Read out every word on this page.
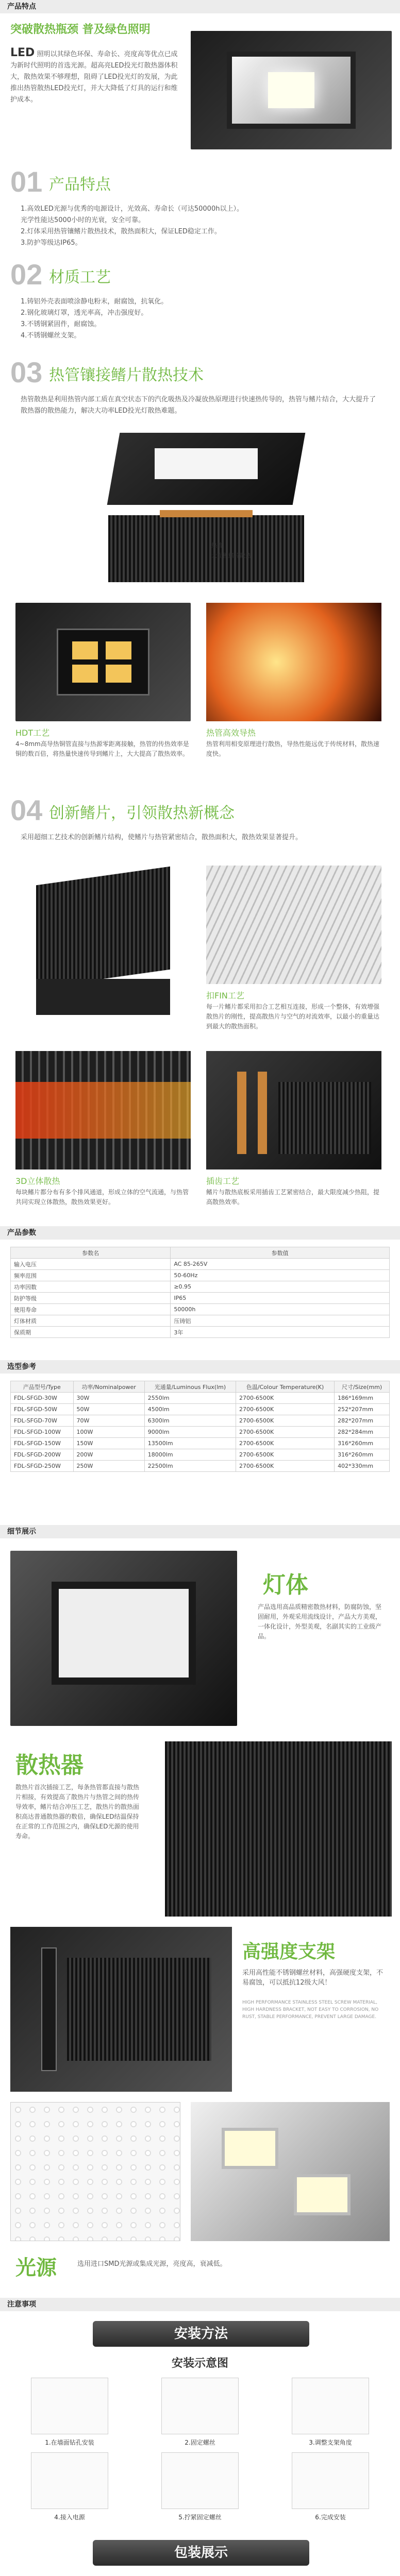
产品特点
突破散热瓶颈 普及绿色照明
LED 照明以其绿色环保、寿命长、亮度高等优点已成为新时代照明的首选光源。超高亮LED投光灯散热器体积大，散热效果不够理想，阻碍了LED投光灯的发展，为此推出热管散热LED投光灯，并大大降低了灯具的运行和维护成本。
01 产品特点
1.高效LED光源与优秀的电源设计，光效高、寿命长（可达50000h以上）。
光学性能达5000小时的光衰，安全可靠。
2.灯体采用热管镶鳍片散热技术，散热面积大，保证LED稳定工作。
3.防护等级达IP65。
02 材质工艺
1.铸铝外壳表面喷涂静电粉末，耐腐蚀，抗氧化。
2.钢化玻璃灯罩，透光率高，冲击强度好。
3.不锈钢紧固件，耐腐蚀。
4.不锈钢螺丝支架。
03 热管镶接鳍片散热技术
热管散热是利用热管内部工质在真空状态下的汽化吸热及冷凝放热原理进行快速热传导的，热管与鳍片结合，大大提升了散热器的散热能力，解决大功率LED投光灯散热难题。
热管
大面积鳍片散热
HDT工艺
4~8mm高导热铜管直接与热源零距离接触，热管的传热效率是铜的数百倍，将热量快速传导到鳍片上，大大提高了散热效率。
热管高效导热
热管利用相变原理进行散热，导热性能远优于传统材料，散热速度快。
04 创新鳍片，引领散热新概念
采用超细工艺技术的创新鳍片结构，使鳍片与热管紧密结合，散热面积大，散热效果显著提升。
扣FIN工艺
每一片鳍片都采用扣合工艺相互连接，形成一个整体，有效增强散热片的刚性，提高散热片与空气的对流效率，以最小的重量达到最大的散热面积。
3D立体散热
每块鳍片都分布有多个排风通道，形成立体的空气流通，与热管共同实现立体散热，散热效果更好。
插齿工艺
鳍片与散热底板采用插齿工艺紧密结合，最大限度减少热阻，提高散热效率。
产品参数
参数名	参数值
输入电压	AC 85-265V
频率范围	50-60Hz
功率因数	≥0.95
防护等级	IP65
使用寿命	50000h
灯体材质	压铸铝
保质期	3年
选型参考
产品型号/Type	功率/Nominalpower	光通量/Luminous Flux(lm)	色温/Colour Temperature(K)	尺寸/Size(mm)
FDL-SFGD-30W	30W	2550lm	2700-6500K	186*169mm
FDL-SFGD-50W	50W	4500lm	2700-6500K	252*207mm
FDL-SFGD-70W	70W	6300lm	2700-6500K	282*207mm
FDL-SFGD-100W	100W	9000lm	2700-6500K	282*284mm
FDL-SFGD-150W	150W	13500lm	2700-6500K	316*260mm
FDL-SFGD-200W	200W	18000lm	2700-6500K	316*260mm
FDL-SFGD-250W	250W	22500lm	2700-6500K	402*330mm
细节展示
灯体
产品选用高品质精密散热材料，防腐防蚀，坚固耐用，外观采用流线设计，产品大方美观，一体化设计，外型美观，名副其实的工业级产品。
散热器
散热片首次插接工艺，每条热管都直接与散热片相接，有效提高了散热片与热管之间的热传导效率，鳍片结合冲压工艺，散热片的散热面积高达普通散热器的数倍，确保LED结温保持在正常的工作范围之内，确保LED光源的使用寿命。
高强度支架
采用高性能不锈钢螺丝材料，高强硬度支架，不易腐蚀，可以抵抗12级大风！
HIGH PERFORMANCE STAINLESS STEEL SCREW MATERIAL, HIGH HARDNESS BRACKET, NOT EASY TO CORROSION, NO RUST, STABLE PERFORMANCE, PREVENT LARGE DAMAGE.
光源	选用进口SMD光源或集成光源，亮度高，衰减低。
注意事项
安装方法
安装示意图
1.在墙面钻孔安装	2.固定螺丝	3.调整支架角度
4.接入电源	5.拧紧固定螺丝	6.完成安装
包装展示
